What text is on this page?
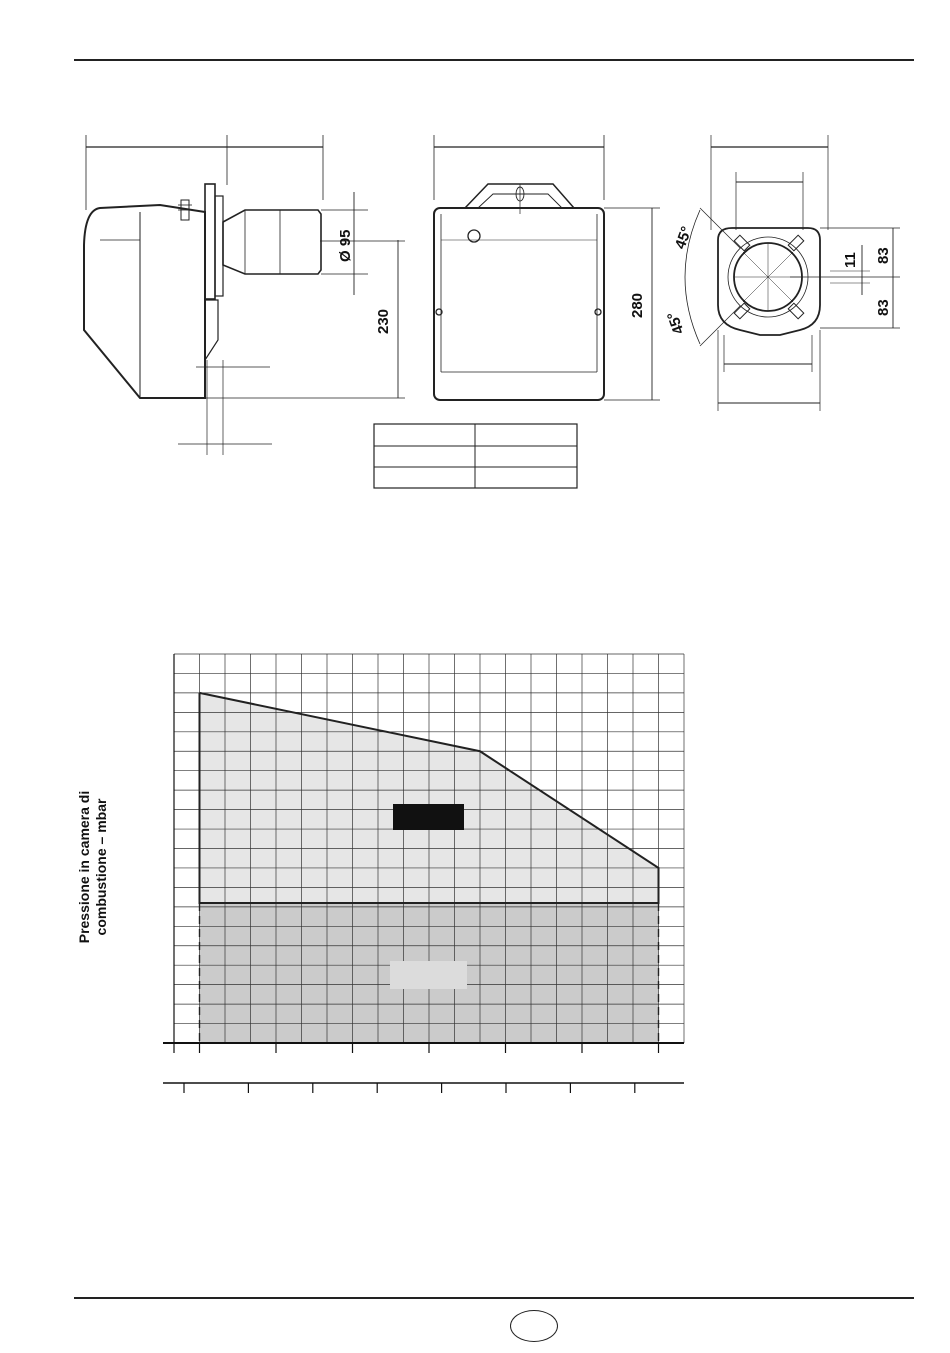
Ø 95
230
280
45°
45°
11 83
83
Pressione in camera di combustione – mbar
